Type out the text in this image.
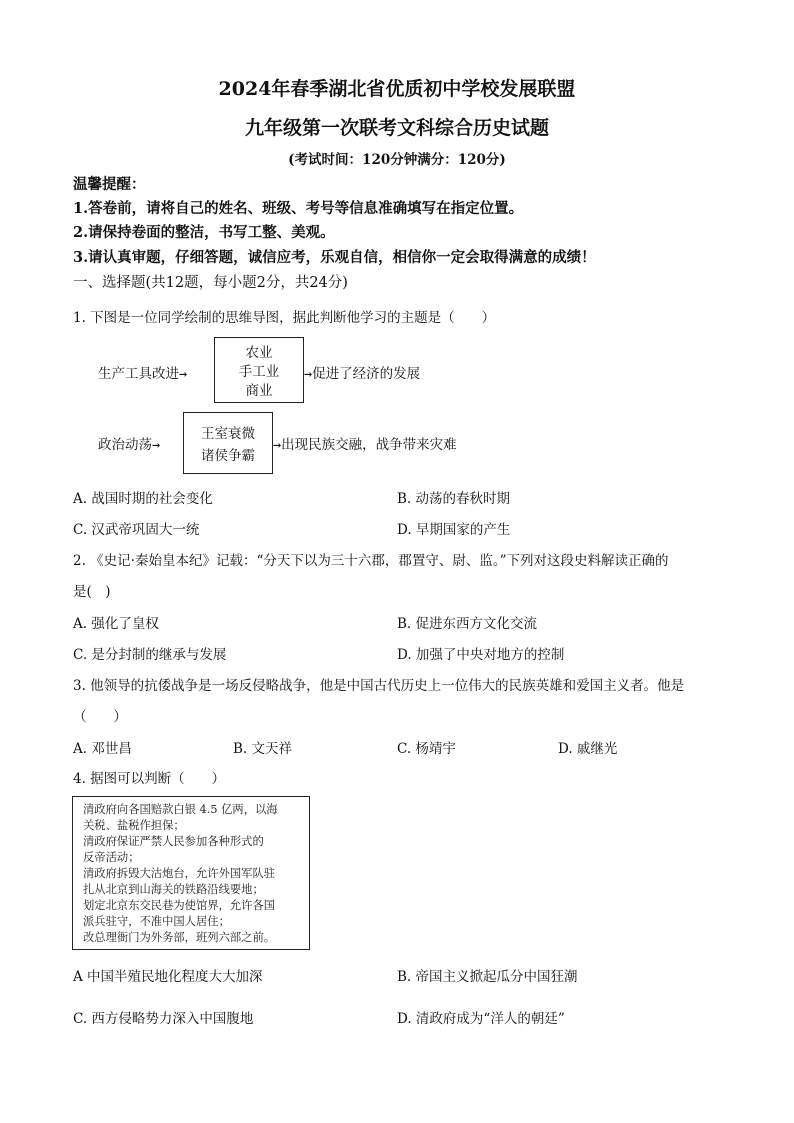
2024年春季湖北省优质初中学校发展联盟
九年级第一次联考文科综合历史试题
(考试时间：120分钟满分：120分)
温馨提醒：
1.答卷前，请将自己的姓名、班级、考号等信息准确填写在指定位置。
2.请保持卷面的整洁，书写工整、美观。
3.请认真审题，仔细答题，诚信应考，乐观自信，相信你一定会取得满意的成绩！
一、选择题(共12题，每小题2分，共24分)
1. 下图是一位同学绘制的思维导图，据此判断他学习的主题是（　　）
生产工具改进→
农业
手工业
商业
→促进了经济的发展
政治动荡→
王室衰微
诸侯争霸
→出现民族交融，战争带来灾难
A. 战国时期的社会变化	B. 动荡的春秋时期
C. 汉武帝巩固大一统	D. 早期国家的产生
2. 《史记·秦始皇本纪》记载：“分天下以为三十六郡，郡置守、尉、监。”下列对这段史料解读正确的
是(　)
A. 强化了皇权	B. 促进东西方文化交流
C. 是分封制的继承与发展	D. 加强了中央对地方的控制
3. 他领导的抗倭战争是一场反侵略战争，他是中国古代历史上一位伟大的民族英雄和爱国主义者。他是
（　　）
A. 邓世昌	B. 文天祥	C. 杨靖宇	D. 戚继光
4. 据图可以判断（　　）
清政府向各国赔款白银 4.5 亿两，以海
关税、盐税作担保；
清政府保证严禁人民参加各种形式的
反帝活动；
清政府拆毁大沽炮台，允许外国军队驻
扎从北京到山海关的铁路沿线要地；
划定北京东交民巷为使馆界，允许各国
派兵驻守，不准中国人居住；
改总理衙门为外务部，班列六部之前。
A 中国半殖民地化程度大大加深	B. 帝国主义掀起瓜分中国狂潮
C. 西方侵略势力深入中国腹地	D. 清政府成为“洋人的朝廷”
